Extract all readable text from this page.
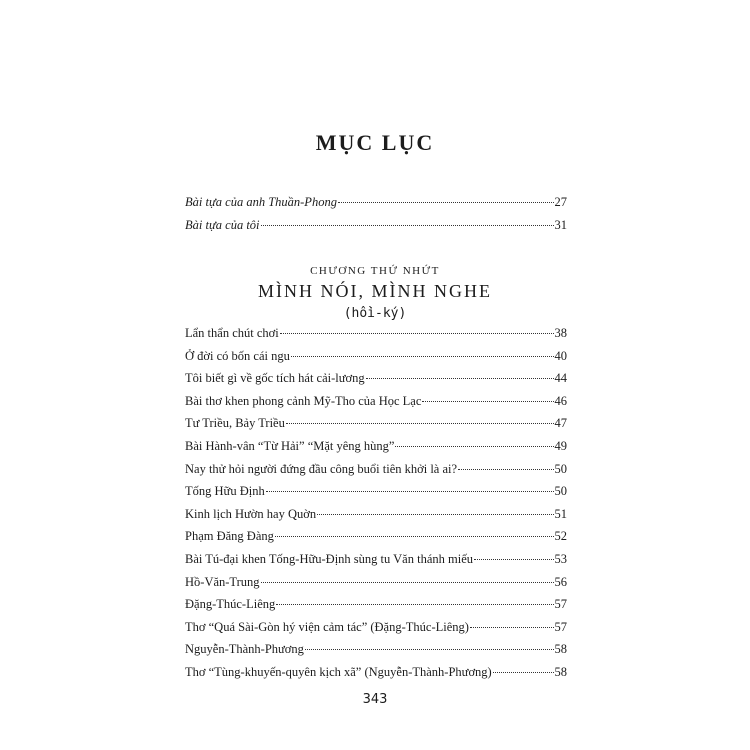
MỤC LỤC
Bài tựa của anh Thuần-Phong	27
Bài tựa của tôi	31
CHƯƠNG THỨ NHỨT
MÌNH NÓI, MÌNH NGHE
(hồi-ký)
Lẩn thẩn chút chơi	38
Ở đời có bốn cái ngu	40
Tôi biết gì về gốc tích hát cải-lương	44
Bài thơ khen phong cảnh Mỹ-Tho của Học Lạc	46
Tư Triều, Bảy Triều	47
Bài Hành-vân “Từ Hải” “Mặt yêng hùng”	49
Nay thử hỏi người đứng đầu công buổi tiên khởi là ai?	50
Tống Hữu Định	50
Kinh lịch Hườn hay Quờn	51
Phạm Đăng Đàng	52
Bài Tú-đại khen Tống-Hữu-Định sùng tu Văn thánh miếu	53
Hồ-Văn-Trung	56
Đặng-Thúc-Liêng	57
Thơ “Quá Sài-Gòn hý viện cảm tác” (Đặng-Thúc-Liêng)	57
Nguyễn-Thành-Phương	58
Thơ “Tùng-khuyến-quyên kịch xã” (Nguyễn-Thành-Phương)	58
343
